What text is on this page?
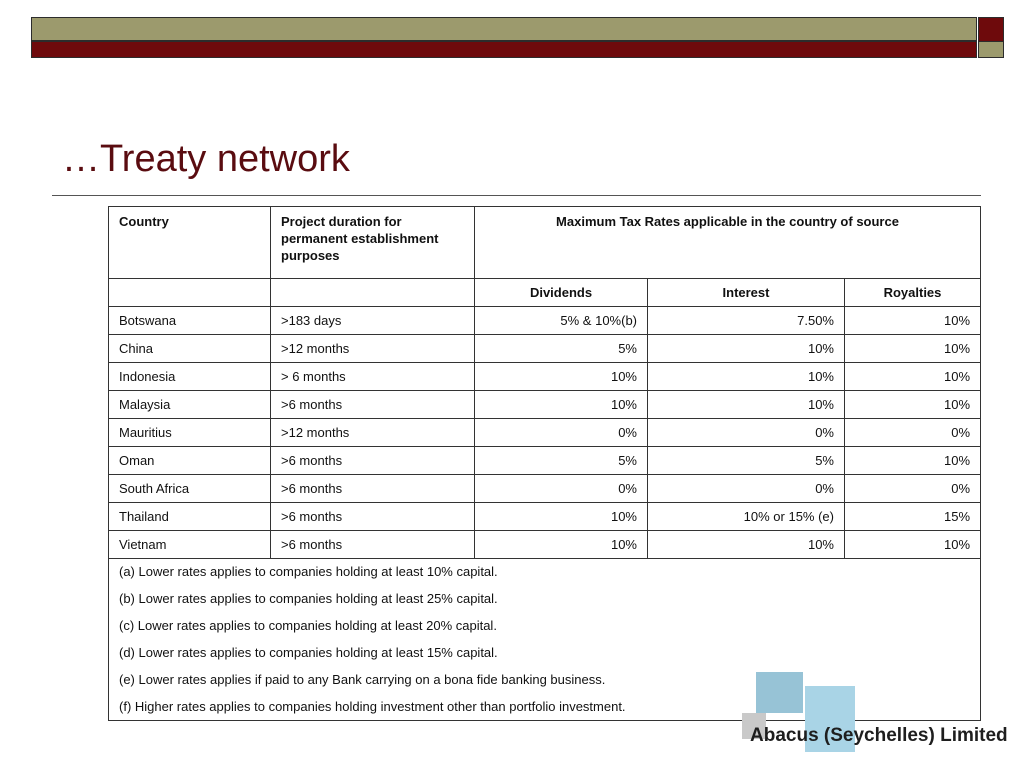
…Treaty network
Country	Project duration for permanent establishment purposes	Maximum Tax Rates applicable in the country of source		
		Dividends	Interest	Royalties
Botswana	>183 days	5% & 10%(b)	7.50%	10%
China	>12 months	5%	10%	10%
Indonesia	> 6 months	10%	10%	10%
Malaysia	>6 months	10%	10%	10%
Mauritius	>12 months	0%	0%	0%
Oman	>6 months	5%	5%	10%
South Africa	>6 months	0%	0%	0%
Thailand	>6 months	10%	10% or 15% (e)	15%
Vietnam	>6 months	10%	10%	10%
(a) Lower rates applies to companies holding at least 10% capital.				
(b) Lower rates applies to companies holding at least 25% capital.				
(c) Lower rates applies to companies holding at least 20% capital.				
(d) Lower rates applies to companies holding at least 15% capital.				
(e) Lower rates applies if paid to any Bank carrying on a bona fide banking business.				
(f) Higher rates applies to companies holding investment other than portfolio investment.				
Abacus (Seychelles) Limited
